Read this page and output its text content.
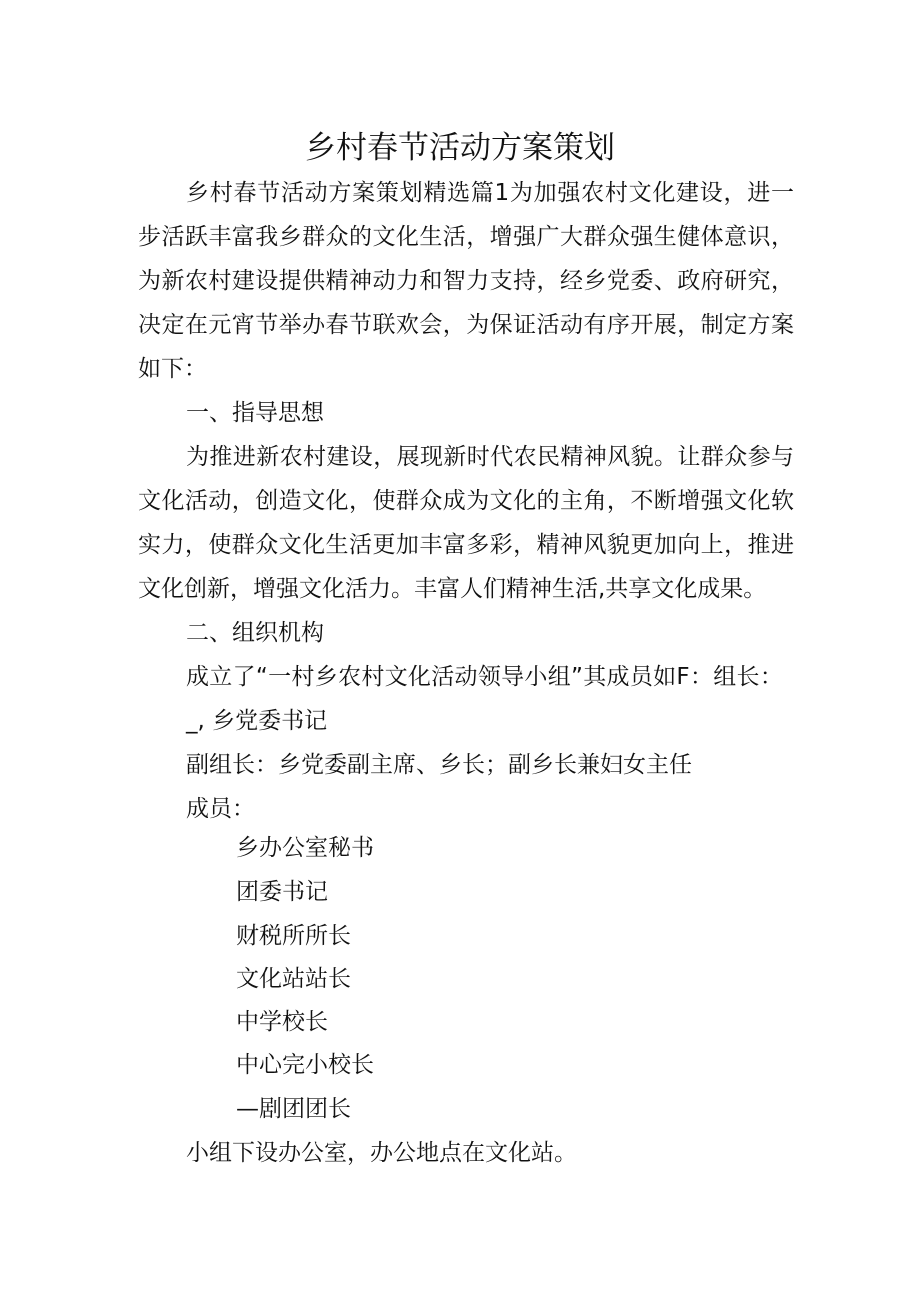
乡村春节活动方案策划

乡村春节活动方案策划精选篇1为加强农村文化建设，进一步活跃丰富我乡群众的文化生活，增强广大群众强生健体意识，为新农村建设提供精神动力和智力支持，经乡党委、政府研究，决定在元宵节举办春节联欢会，为保证活动有序开展，制定方案如下：

一、指导思想

为推进新农村建设，展现新时代农民精神风貌。让群众参与文化活动，创造文化，使群众成为文化的主角，不断增强文化软实力，使群众文化生活更加丰富多彩，精神风貌更加向上，推进文化创新，增强文化活力。丰富人们精神生活,共享文化成果。

二、组织机构

成立了“一村乡农村文化活动领导小组”其成员如F：组长：

_, 乡党委书记

副组长：乡党委副主席、乡长；副乡长兼妇女主任

成员：

乡办公室秘书

团委书记

财税所所长

文化站站长

中学校长

中心完小校长

—剧团团长

小组下设办公室，办公地点在文化站。
